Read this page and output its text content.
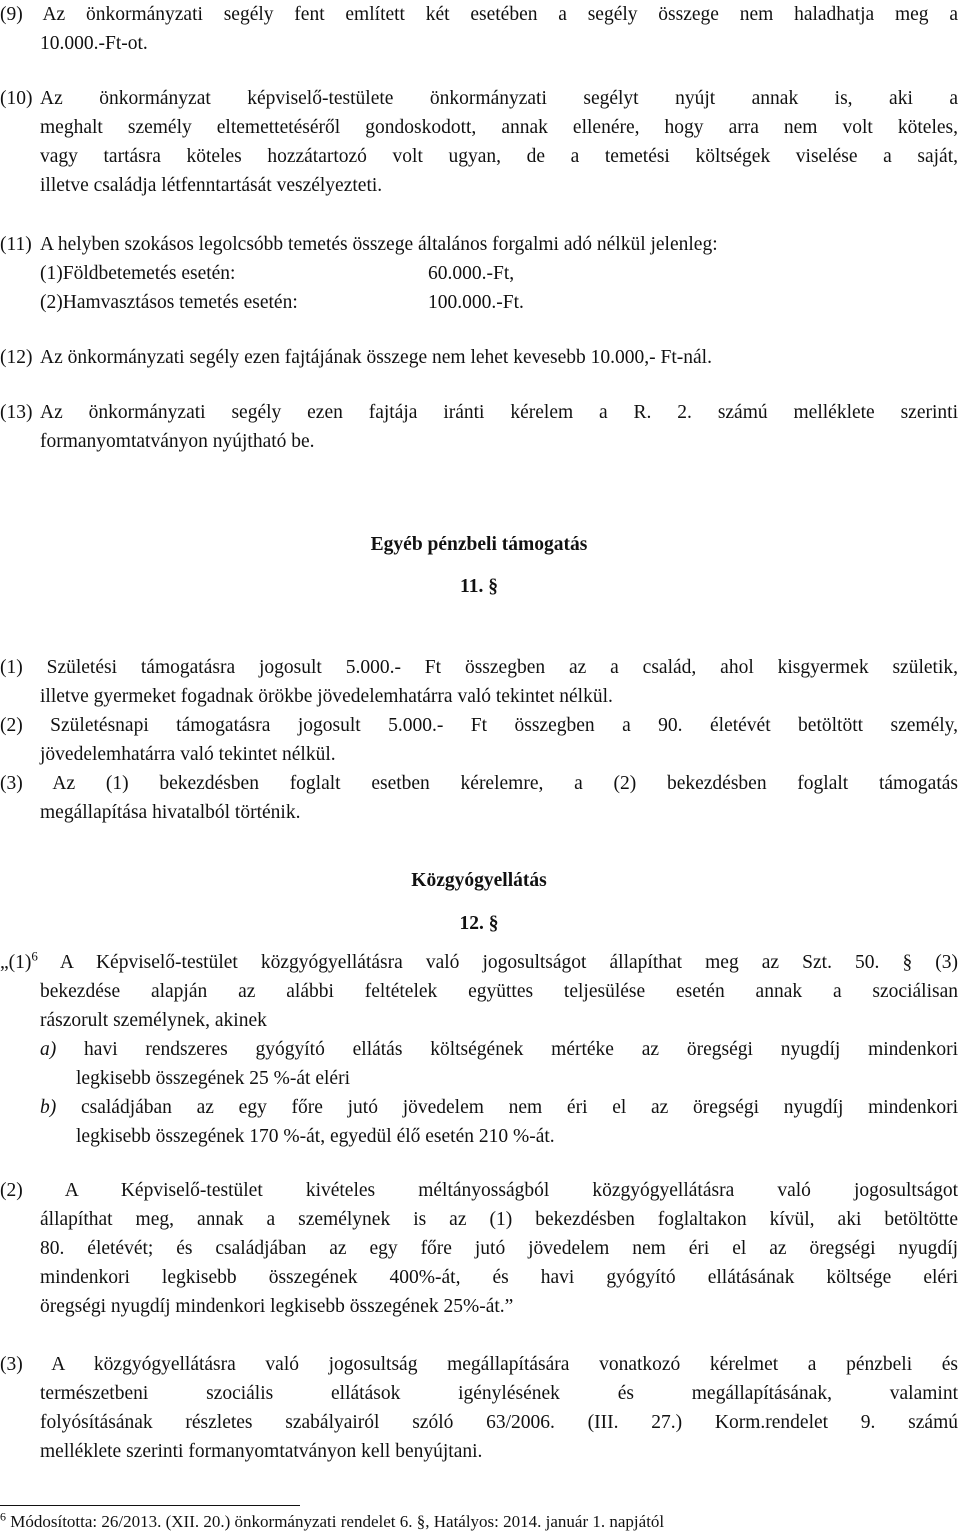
(9) Az önkormányzati segély fent említett két esetében a segély összege nem haladhatja meg a
10.000.-Ft-ot.
(10) Az önkormányzat képviselő-testülete önkormányzati segélyt nyújt annak is, aki a
meghalt személy eltemettetéséről gondoskodott, annak ellenére, hogy arra nem volt köteles,
vagy tartásra köteles hozzátartozó volt ugyan, de a temetési költségek viselése a saját,
illetve családja létfenntartását veszélyezteti.
(11) A helyben szokásos legolcsóbb temetés összege általános forgalmi adó nélkül jelenleg:
(1)Földbetemetés esetén:	60.000.-Ft,
(2)Hamvasztásos temetés esetén:	100.000.-Ft.
(12) Az önkormányzati segély ezen fajtájának összege nem lehet kevesebb 10.000,- Ft-nál.
(13) Az önkormányzati segély ezen fajtája iránti kérelem a R. 2. számú melléklete szerinti
formanyomtatványon nyújtható be.
Egyéb pénzbeli támogatás
11. §
(1) Születési támogatásra jogosult 5.000.- Ft összegben az a család, ahol kisgyermek születik,
illetve gyermeket fogadnak örökbe jövedelemhatárra való tekintet nélkül.
(2) Születésnapi támogatásra jogosult 5.000.- Ft összegben a 90. életévét betöltött személy,
jövedelemhatárra való tekintet nélkül.
(3) Az (1) bekezdésben foglalt esetben kérelemre, a (2) bekezdésben foglalt támogatás
megállapítása hivatalból történik.
Közgyógyellátás
12. §
$„(1)^6$ A Képviselő-testület közgyógyellátásra való jogosultságot állapíthat meg az Szt. 50. § (3)
bekezdése alapján az alábbi feltételek együttes teljesülése esetén annak a szociálisan
rászorult személynek, akinek
a) havi rendszeres gyógyító ellátás költségének mértéke az öregségi nyugdíj mindenkori
legkisebb összegének 25 %-át eléri
b) családjában az egy főre jutó jövedelem nem éri el az öregségi nyugdíj mindenkori
legkisebb összegének 170 %-át, egyedül élő esetén 210 %-át.
(2) A Képviselő-testület kivételes méltányosságból közgyógyellátásra való jogosultságot
állapíthat meg, annak a személynek is az (1) bekezdésben foglaltakon kívül, aki betöltötte
80. életévét; és családjában az egy főre jutó jövedelem nem éri el az öregségi nyugdíj
mindenkori legkisebb összegének 400%-át, és havi gyógyító ellátásának költsége eléri
öregségi nyugdíj mindenkori legkisebb összegének 25%-át.”
(3) A közgyógyellátásra való jogosultság megállapítására vonatkozó kérelmet a pénzbeli és
természetbeni szociális ellátások igénylésének és megállapításának, valamint
folyósításának részletes szabályairól szóló 63/2006. (III. 27.) Korm.rendelet 9. számú
melléklete szerinti formanyomtatványon kell benyújtani.
$^6$ Módosította: 26/2013. (XII. 20.) önkormányzati rendelet 6. §, Hatályos: 2014. január 1. napjától
